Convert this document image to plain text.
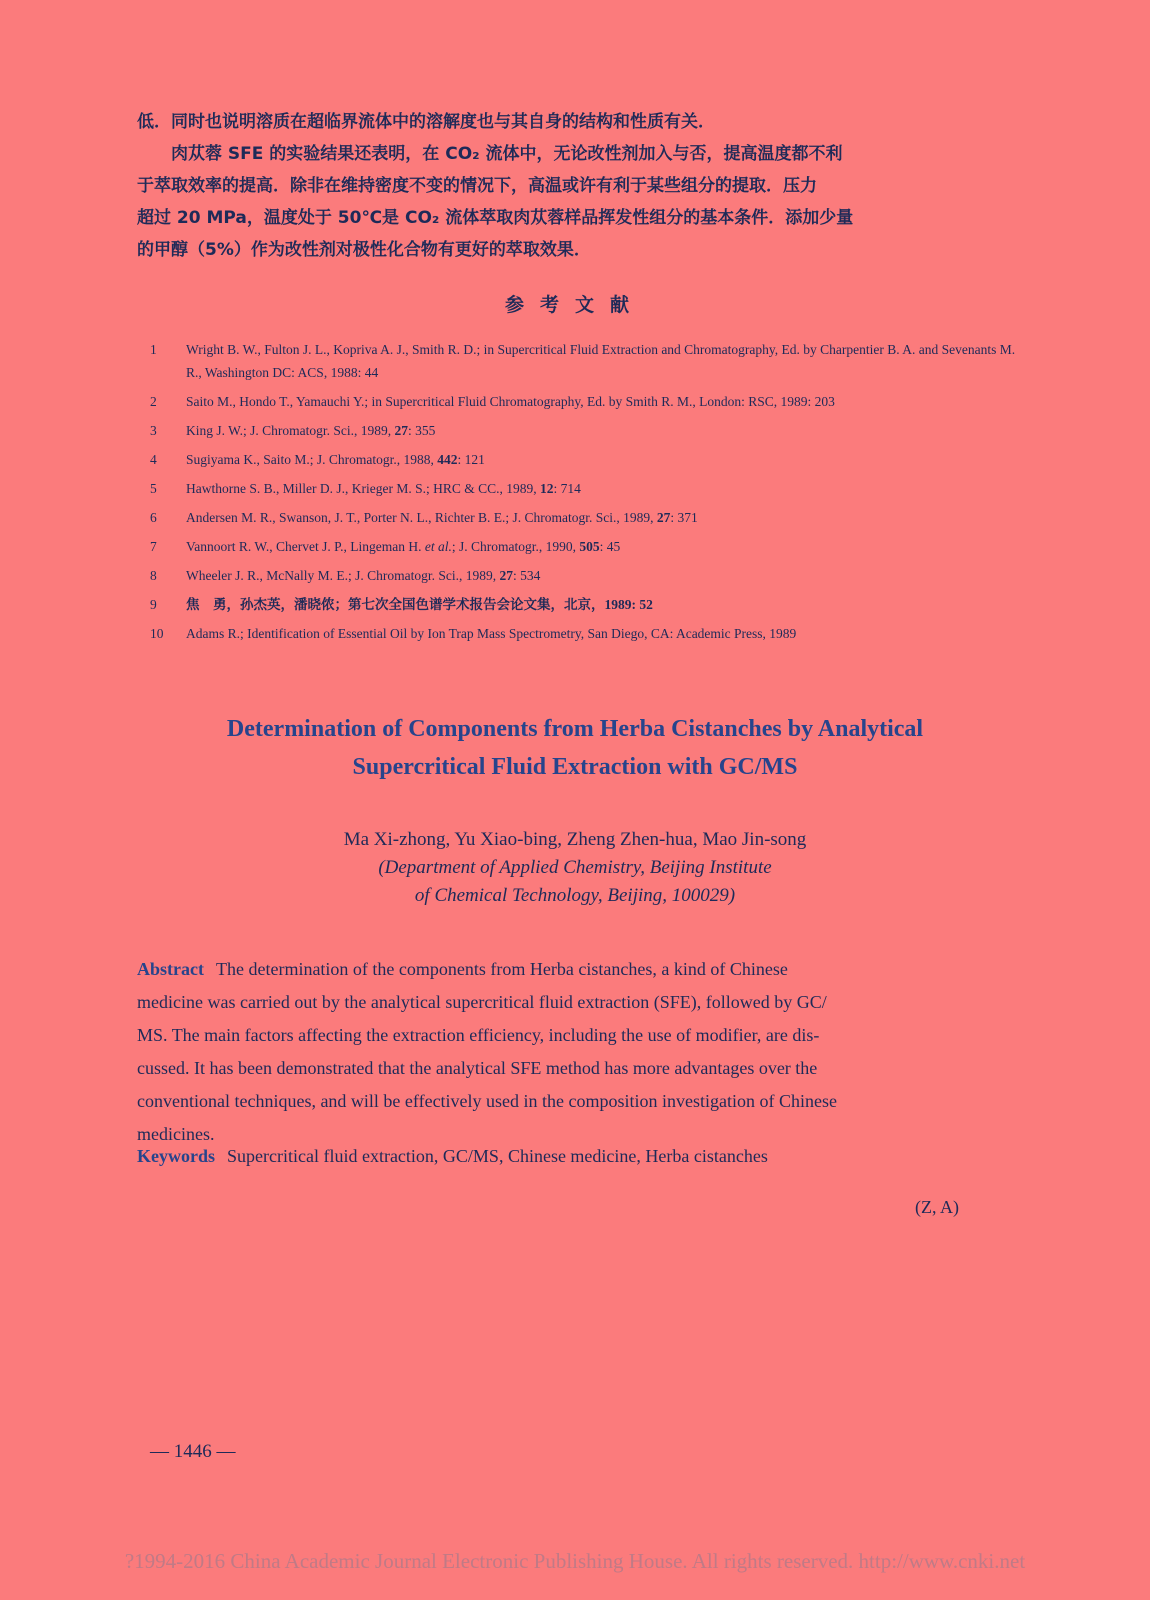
低．同时也说明溶质在超临界流体中的溶解度也与其自身的结构和性质有关．
　　肉苁蓉 SFE 的实验结果还表明，在 CO₂ 流体中，无论改性剂加入与否，提高温度都不利
于萃取效率的提高．除非在维持密度不变的情况下，高温或许有利于某些组分的提取．压力
超过 20 MPa，温度处于 50℃是 CO₂ 流体萃取肉苁蓉样品挥发性组分的基本条件．添加少量
的甲醇（5%）作为改性剂对极性化合物有更好的萃取效果．
参考文献
1	Wright B. W., Fulton J. L., Kopriva A. J., Smith R. D.; in Supercritical Fluid Extraction and Chromatography, Ed. by Charpentier B. A. and Sevenants M. R., Washington DC: ACS, 1988: 44
2	Saito M., Hondo T., Yamauchi Y.; in Supercritical Fluid Chromatography, Ed. by Smith R. M., London: RSC, 1989: 203
3	King J. W.; J. Chromatogr. Sci., 1989, 27: 355
4	Sugiyama K., Saito M.; J. Chromatogr., 1988, 442: 121
5	Hawthorne S. B., Miller D. J., Krieger M. S.; HRC & CC., 1989, 12: 714
6	Andersen M. R., Swanson, J. T., Porter N. L., Richter B. E.; J. Chromatogr. Sci., 1989, 27: 371
7	Vannoort R. W., Chervet J. P., Lingeman H. et al.; J. Chromatogr., 1990, 505: 45
8	Wheeler J. R., McNally M. E.; J. Chromatogr. Sci., 1989, 27: 534
9	焦　勇，孙杰英，潘晓侬；第七次全国色谱学术报告会论文集，北京，1989: 52
10	Adams R.; Identification of Essential Oil by Ion Trap Mass Spectrometry, San Diego, CA: Academic Press, 1989
Determination of Components from Herba Cistanches by Analytical
Supercritical Fluid Extraction with GC/MS
Ma Xi-zhong, Yu Xiao-bing, Zheng Zhen-hua, Mao Jin-song
(Department of Applied Chemistry, Beijing Institute
of Chemical Technology, Beijing, 100029)
Abstract The determination of the components from Herba cistanches, a kind of Chinese
medicine was carried out by the analytical supercritical fluid extraction (SFE), followed by GC/
MS. The main factors affecting the extraction efficiency, including the use of modifier, are dis-
cussed. It has been demonstrated that the analytical SFE method has more advantages over the
conventional techniques, and will be effectively used in the composition investigation of Chinese
medicines.
Keywords Supercritical fluid extraction, GC/MS, Chinese medicine, Herba cistanches
(Z, A)
— 1446 —
?1994-2016 China Academic Journal Electronic Publishing House. All rights reserved. http://www.cnki.net
